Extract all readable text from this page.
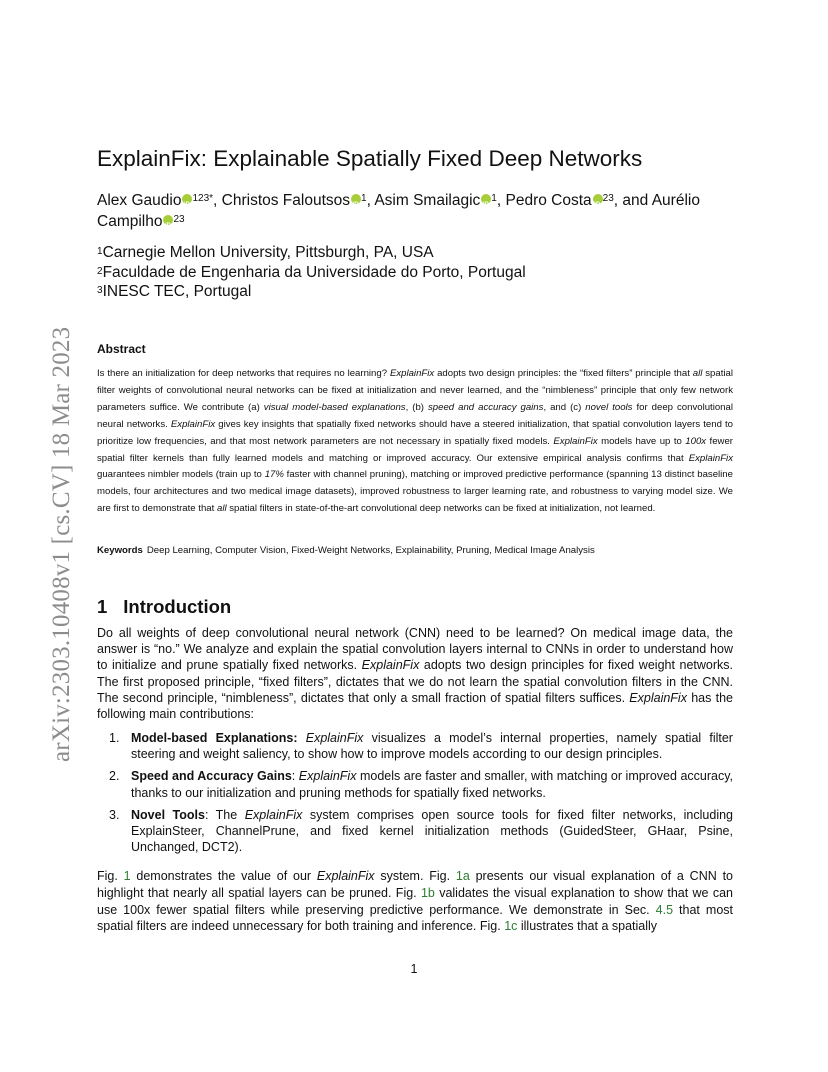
arXiv:2303.10408v1 [cs.CV] 18 Mar 2023
ExplainFix: Explainable Spatially Fixed Deep Networks
Alex Gaudio iD $^{123*}$, Christos FaloutsosiD $^1$, Asim SmailagiciD $^1$, Pedro CostaiD $^{23}$, and Aurélio Campilho iD $^{23}$
$^1$Carnegie Mellon University, Pittsburgh, PA, USA
$^2$Faculdade de Engenharia da Universidade do Porto, Portugal
$^3$INESC TEC, Portugal
Abstract
Is there an initialization for deep networks that requires no learning? ExplainFix adopts two design principles: the “fixed filters” principle that all spatial filter weights of convolutional neural networks can be fixed at initialization and never learned, and the “nimbleness” principle that only few network parameters suffice. We contribute (a) visual model-based explanations, (b) speed and accuracy gains, and (c) novel tools for deep convolutional neural networks. ExplainFix gives key insights that spatially fixed networks should have a steered initialization, that spatial convolution layers tend to prioritize low frequencies, and that most network parameters are not necessary in spatially fixed models. ExplainFix models have up to 100x fewer spatial filter kernels than fully learned models and matching or improved accuracy. Our extensive empirical analysis confirms that ExplainFix guarantees nimbler models (train up to 17% faster with channel pruning), matching or improved predictive performance (spanning 13 distinct baseline models, four architectures and two medical image datasets), improved robustness to larger learning rate, and robustness to varying model size. We are first to demonstrate that all spatial filters in state-of-the-art convolutional deep networks can be fixed at initialization, not learned.
Keywords Deep Learning, Computer Vision, Fixed-Weight Networks, Explainability, Pruning, Medical Image Analysis
1 Introduction
Do all weights of deep convolutional neural network (CNN) need to be learned? On medical image data, the answer is “no.” We analyze and explain the spatial convolution layers internal to CNNs in order to understand how to initialize and prune spatially fixed networks. ExplainFix adopts two design principles for fixed weight networks. The first proposed principle, “fixed filters”, dictates that we do not learn the spatial convolution filters in the CNN. The second principle, “nimbleness”, dictates that only a small fraction of spatial filters suffices. ExplainFix has the following main contributions:
1. Model-based Explanations: ExplainFix visualizes a model’s internal properties, namely spatial filter steering and weight saliency, to show how to improve models according to our design principles.
2. Speed and Accuracy Gains: ExplainFix models are faster and smaller, with matching or improved accuracy, thanks to our initialization and pruning methods for spatially fixed networks.
3. Novel Tools: The ExplainFix system comprises open source tools for fixed filter networks, including ExplainSteer, ChannelPrune, and fixed kernel initialization methods (GuidedSteer, GHaar, Psine, Unchanged, DCT2).
Fig. 1 demonstrates the value of our ExplainFix system. Fig. 1a presents our visual explanation of a CNN to highlight that nearly all spatial layers can be pruned. Fig. 1b validates the visual explanation to show that we can use 100x fewer spatial filters while preserving predictive performance. We demonstrate in Sec. 4.5 that most spatial filters are indeed unnecessary for both training and inference. Fig. 1c illustrates that a spatially
1
